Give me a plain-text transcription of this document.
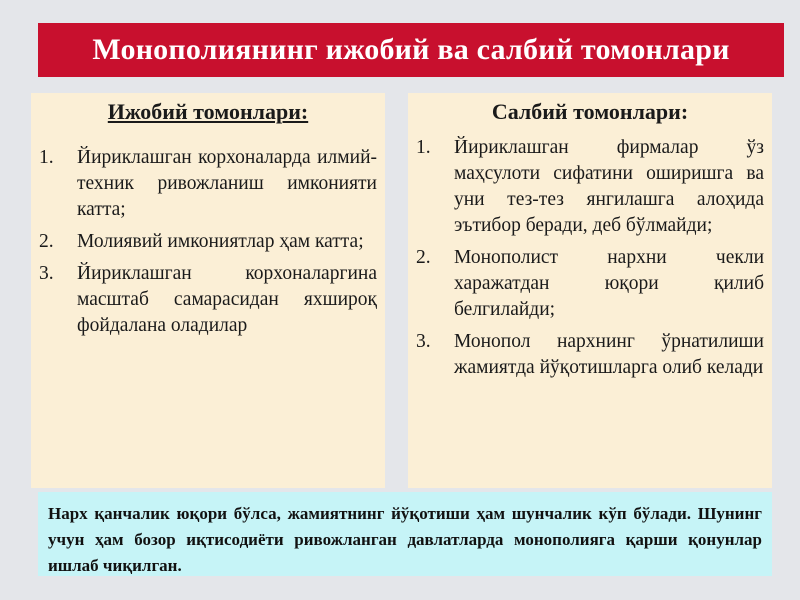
Монополиянинг ижобий ва салбий томонлари
Ижобий томонлари:
1.	Йириклашган корхоналарда илмий-техник ривожланиш имконияти катта;
2.	Молиявий имкониятлар ҳам катта;
3.	Йириклашган корхоналаргина масштаб самарасидан яхшироқ фойдалана оладилар
Салбий томонлари:
1.	Йириклашган фирмалар ўз маҳсулоти сифатини оширишга ва уни тез-тез янгилашга алоҳида эътибор беради, деб бўлмайди;
2.	Монополист нархни чекли харажатдан юқори қилиб белгилайди;
3.	Монопол нархнинг ўрнатилиши жамиятда йўқотишларга олиб келади
Нарх қанчалик юқори бўлса, жамиятнинг йўқотиши ҳам шунчалик кўп бўлади. Шунинг учун ҳам бозор иқтисодиёти ривожланган давлатларда монополияга қарши қонунлар ишлаб чиқилган.
